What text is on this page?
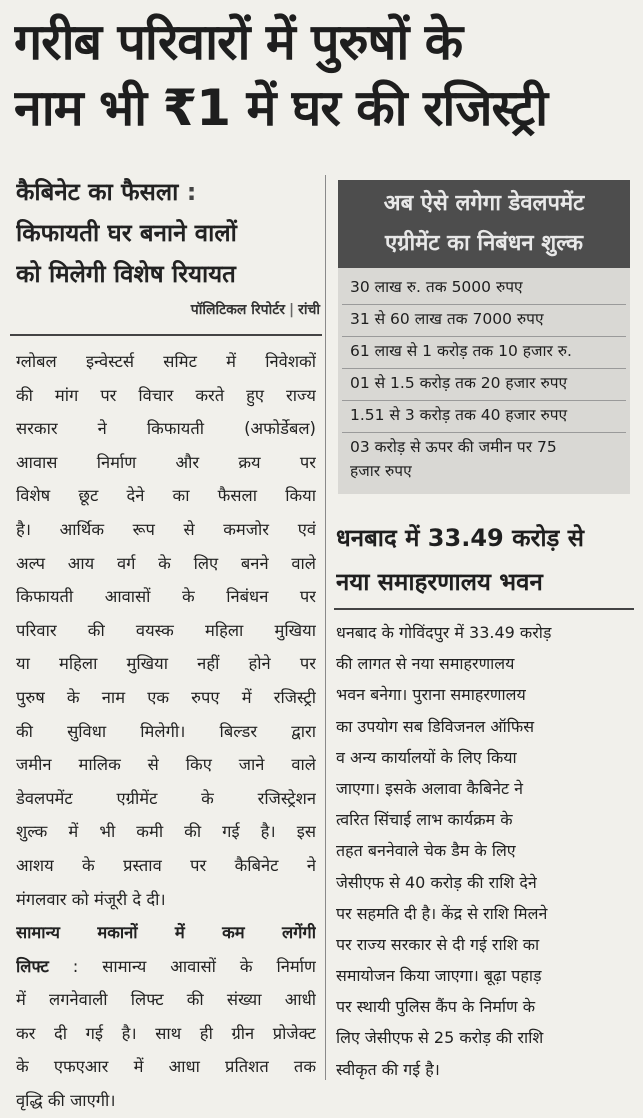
गरीब परिवारों में पुरुषों के
नाम भी ₹1 में घर की रजिस्ट्री
कैबिनेट का फैसला :
किफायती घर बनाने वालों
को मिलेगी विशेष रियायत
पॉलिटिकल रिपोर्टर | रांची
ग्लोबल इन्वेस्टर्स समिट में निवेशकों
की मांग पर विचार करते हुए राज्य
सरकार ने किफायती (अफोर्डेबल)
आवास निर्माण और क्रय पर
विशेष छूट देने का फैसला किया
है। आर्थिक रूप से कमजोर एवं
अल्प आय वर्ग के लिए बनने वाले
किफायती आवासों के निबंधन पर
परिवार की वयस्क महिला मुखिया
या महिला मुखिया नहीं होने पर
पुरुष के नाम एक रुपए में रजिस्ट्री
की सुविधा मिलेगी। बिल्डर द्वारा
जमीन मालिक से किए जाने वाले
डेवलपमेंट एग्रीमेंट के रजिस्ट्रेशन
शुल्क में भी कमी की गई है। इस
आशय के प्रस्ताव पर कैबिनेट ने
मंगलवार को मंजूरी दे दी।
सामान्य मकानों में कम लगेंगी
लिफ्ट : सामान्य आवासों के निर्माण
में लगनेवाली लिफ्ट की संख्या आधी
कर दी गई है। साथ ही ग्रीन प्रोजेक्ट
के एफएआर में आधा प्रतिशत तक
वृद्धि की जाएगी।
अब ऐसे लगेगा डेवलपमेंट
एग्रीमेंट का निबंधन शुल्क
30 लाख रु. तक 5000 रुपए
31 से 60 लाख तक 7000 रुपए
61 लाख से 1 करोड़ तक 10 हजार रु.
01 से 1.5 करोड़ तक 20 हजार रुपए
1.51 से 3 करोड़ तक 40 हजार रुपए
03 करोड़ से ऊपर की जमीन पर 75
हजार रुपए
धनबाद में 33.49 करोड़ से
नया समाहरणालय भवन
धनबाद के गोविंदपुर में 33.49 करोड़
की लागत से नया समाहरणालय
भवन बनेगा। पुराना समाहरणालय
का उपयोग सब डिविजनल ऑफिस
व अन्य कार्यालयों के लिए किया
जाएगा। इसके अलावा कैबिनेट ने
त्वरित सिंचाई लाभ कार्यक्रम के
तहत बननेवाले चेक डैम के लिए
जेसीएफ से 40 करोड़ की राशि देने
पर सहमति दी है। केंद्र से राशि मिलने
पर राज्य सरकार से दी गई राशि का
समायोजन किया जाएगा। बूढ़ा पहाड़
पर स्थायी पुलिस कैंप के निर्माण के
लिए जेसीएफ से 25 करोड़ की राशि
स्वीकृत की गई है।
